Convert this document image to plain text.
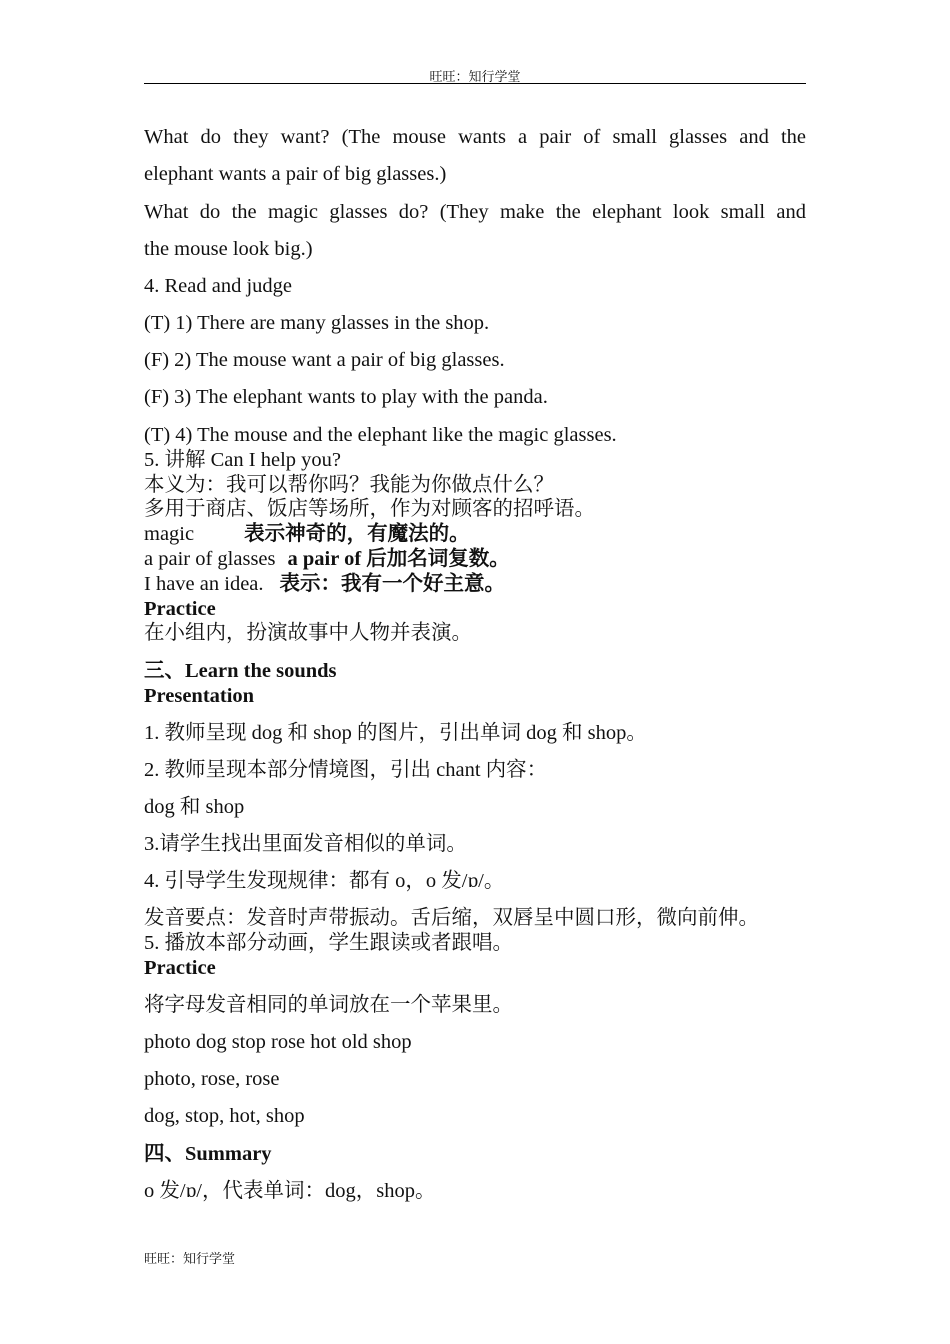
旺旺：知行学堂
What do they want? (The mouse wants a pair of small glasses and the
elephant wants a pair of big glasses.)
What do the magic glasses do? (They make the elephant look small and
the mouse look big.)
4. Read and judge
(T) 1) There are many glasses in the shop.
(F) 2) The mouse want a pair of big glasses.
(F) 3) The elephant wants to play with the panda.
(T) 4) The mouse and the elephant like the magic glasses.
5. 讲解 Can I help you?
本义为：我可以帮你吗？我能为你做点什么？
多用于商店、饭店等场所，作为对顾客的招呼语。
magic 表示神奇的，有魔法的。
a pair of glasses a pair of 后加名词复数。
I have an idea. 表示：我有一个好主意。
Practice
在小组内，扮演故事中人物并表演。
三、Learn the sounds
Presentation
1. 教师呈现 dog 和 shop 的图片，引出单词 dog 和 shop。
2. 教师呈现本部分情境图，引出 chant 内容：
dog 和 shop
3.请学生找出里面发音相似的单词。
4. 引导学生发现规律：都有 o，o 发/ɒ/。
发音要点：发音时声带振动。舌后缩，双唇呈中圆口形，微向前伸。
5. 播放本部分动画，学生跟读或者跟唱。
Practice
将字母发音相同的单词放在一个苹果里。
photo dog stop rose hot old shop
photo, rose, rose
dog, stop, hot, shop
四、Summary
o 发/ɒ/，代表单词：dog，shop。
旺旺：知行学堂
